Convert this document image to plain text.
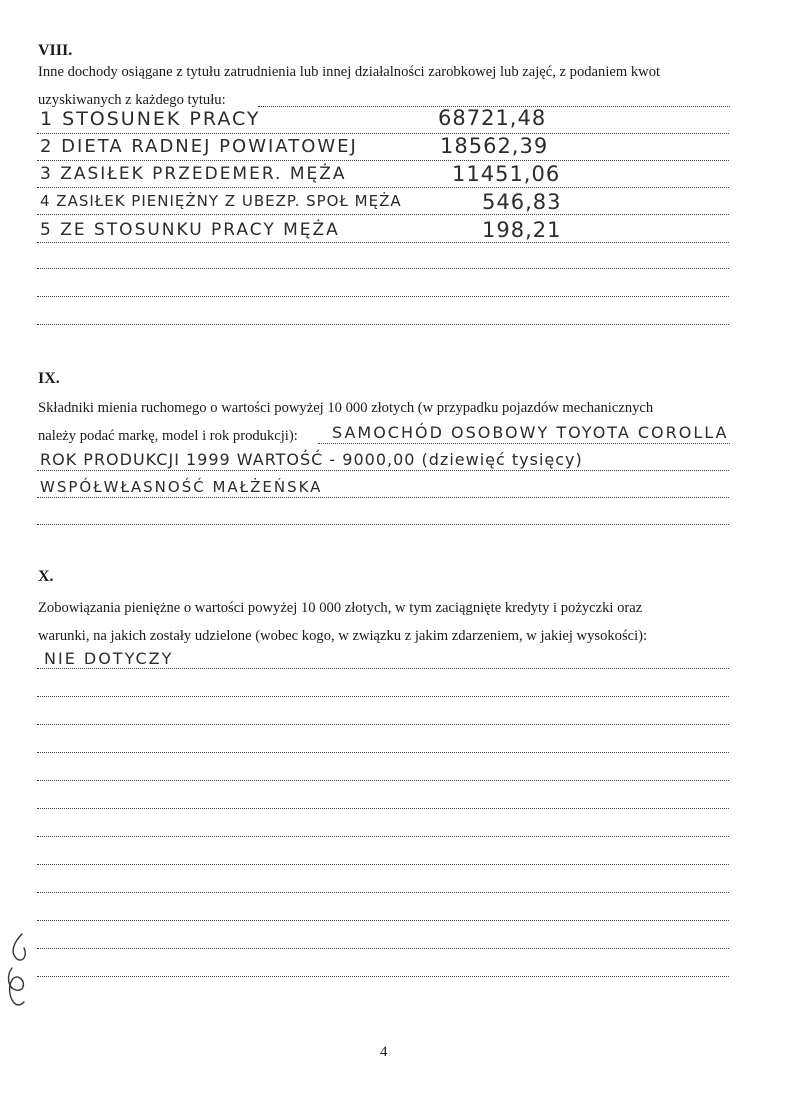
VIII.
Inne dochody osiągane z tytułu zatrudnienia lub innej działalności zarobkowej lub zajęć, z podaniem kwot
uzyskiwanych z każdego tytułu:
1 STOSUNEK PRACY	68721,48
2 DIETA RADNEJ POWIATOWEJ	18562,39
3 ZASIŁEK PRZEDEMER. MĘŻA	11451,06
4 ZASIŁEK PIENIĘŻNY Z UBEZP. SPOŁ MĘŻA	546,83
5 ZE STOSUNKU PRACY MĘŻA	198,21
IX.
Składniki mienia ruchomego o wartości powyżej 10 000 złotych (w przypadku pojazdów mechanicznych
należy podać markę, model i rok produkcji): SAMOCHÓD OSOBOWY TOYOTA COROLLA
ROK PRODUKCJI 1999 WARTOŚĆ - 9000,00 (dziewięć tysięcy)
WSPÓŁWŁASNOŚĆ MAŁŻEŃSKA
X.
Zobowiązania pieniężne o wartości powyżej 10 000 złotych, w tym zaciągnięte kredyty i pożyczki oraz
warunki, na jakich zostały udzielone (wobec kogo, w związku z jakim zdarzeniem, w jakiej wysokości):
NIE DOTYCZY
4
